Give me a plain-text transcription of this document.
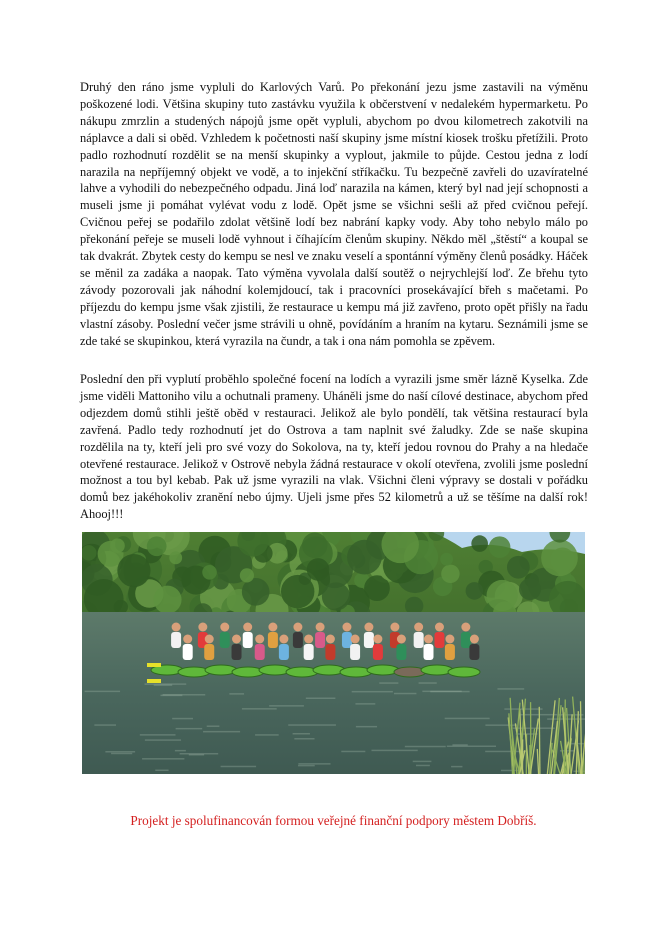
Druhý den ráno jsme vypluli do Karlových Varů. Po překonání jezu jsme zastavili na výměnu poškozené lodi. Většina skupiny tuto zastávku využila k občerstvení v nedalekém hypermarketu. Po nákupu zmrzlin a studených nápojů jsme opět vypluli, abychom po dvou kilometrech zakotvili na náplavce a dali si oběd. Vzhledem k početnosti naší skupiny jsme místní kiosek trošku přetížili. Proto padlo rozhodnutí rozdělit se na menší skupinky a vyplout, jakmile to půjde. Cestou jedna z lodí narazila na nepříjemný objekt ve vodě, a to injekční stříkačku. Tu bezpečně zavřeli do uzavíratelné lahve a vyhodili do nebezpečného odpadu. Jiná loď narazila na kámen, který byl nad její schopnosti a museli jsme ji pomáhat vylévat vodu z lodě. Opět jsme se všichni sešli až před cvičnou peřejí. Cvičnou peřej se podařilo zdolat většině lodí bez nabrání kapky vody. Aby toho nebylo málo po překonání peřeje se museli lodě vyhnout i číhajícím členům skupiny. Někdo měl „štěstí“ a koupal se tak dvakrát. Zbytek cesty do kempu se nesl ve znaku veselí a spontánní výměny členů posádky. Háček se měnil za zadáka a naopak. Tato výměna vyvolala další soutěž o nejrychlejší loď. Ze břehu tyto závody pozorovali jak náhodní kolemjdoucí, tak i pracovníci prosekávající břeh s mačetami. Po příjezdu do kempu jsme však zjistili, že restaurace u kempu má již zavřeno, proto opět přišly na řadu vlastní zásoby. Poslední večer jsme strávili u ohně, povídáním a hraním na kytaru. Seznámili jsme se zde také se skupinkou, která vyrazila na čundr, a tak i ona nám pomohla se zpěvem.

Poslední den při vyplutí proběhlo společné focení na lodích a vyrazili jsme směr lázně Kyselka. Zde jsme viděli Mattoniho vilu a ochutnali prameny. Uháněli jsme do naší cílové destinace, abychom před odjezdem domů stihli ještě oběd v restauraci. Jelikož ale bylo pondělí, tak většina restaurací byla zavřená. Padlo tedy rozhodnutí jet do Ostrova a tam naplnit své žaludky. Zde se naše skupina rozdělila na ty, kteří jeli pro své vozy do Sokolova, na ty, kteří jedou rovnou do Prahy a na hledače otevřené restaurace. Jelikož v Ostrově nebyla žádná restaurace v okolí otevřena, zvolili jsme poslední možnost a tou byl kebab. Pak už jsme vyrazili na vlak. Všichni členi výpravy se dostali v pořádku domů bez jakéhokoliv zranění nebo újmy. Ujeli jsme přes 52 kilometrů a už se těšíme na další rok! Ahooj!!!

Projekt je spolufinancován formou veřejné finanční podpory městem Dobříš.
